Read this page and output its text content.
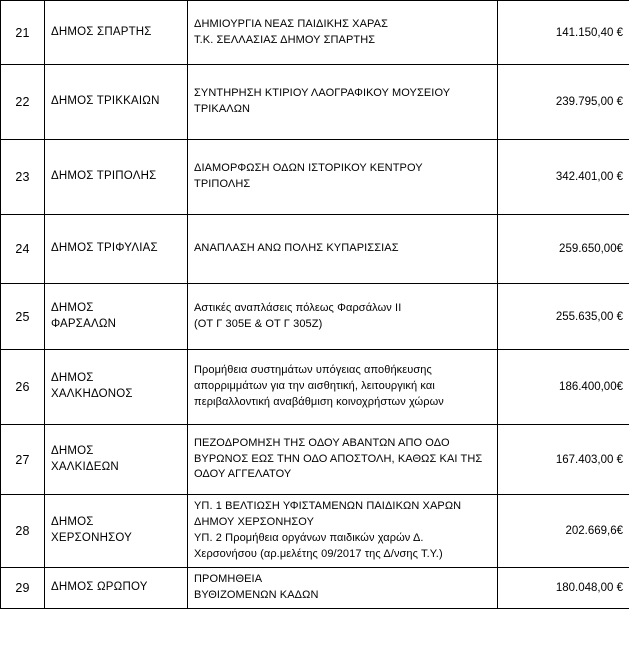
21	ΔΗΜΟΣ ΣΠΑΡΤΗΣ	ΔΗΜΙΟΥΡΓΙΑ ΝΕΑΣ ΠΑΙΔΙΚΗΣ ΧΑΡΑΣ
Τ.Κ. ΣΕΛΛΑΣΙΑΣ ΔΗΜΟΥ ΣΠΑΡΤΗΣ	141.150,40 €
22	ΔΗΜΟΣ ΤΡΙΚΚΑΙΩΝ	ΣΥΝΤΗΡΗΣΗ ΚΤΙΡΙΟΥ ΛΑΟΓΡΑΦΙΚΟΥ ΜΟΥΣΕΙΟΥ
ΤΡΙΚΑΛΩΝ	239.795,00 €
23	ΔΗΜΟΣ ΤΡΙΠΟΛΗΣ	ΔΙΑΜΟΡΦΩΣΗ ΟΔΩΝ ΙΣΤΟΡΙΚΟΥ ΚΕΝΤΡΟΥ
ΤΡΙΠΟΛΗΣ	342.401,00 €
24	ΔΗΜΟΣ ΤΡΙΦΥΛΙΑΣ	ΑΝΑΠΛΑΣΗ ΑΝΩ ΠΟΛΗΣ ΚΥΠΑΡΙΣΣΙΑΣ	259.650,00€
25	ΔΗΜΟΣ
ΦΑΡΣΑΛΩΝ	Αστικές αναπλάσεις πόλεως Φαρσάλων ΙΙ
(ΟΤ Γ 305Ε & ΟΤ Γ 305Ζ)	255.635,00 €
26	ΔΗΜΟΣ
ΧΑΛΚΗΔΟΝΟΣ	Προμήθεια συστημάτων υπόγειας αποθήκευσης
απορριμμάτων για την αισθητική, λειτουργική και
περιβαλλοντική αναβάθμιση κοινοχρήστων χώρων	186.400,00€
27	ΔΗΜΟΣ
ΧΑΛΚΙΔΕΩΝ	ΠΕΖΟΔΡΟΜΗΣΗ ΤΗΣ ΟΔΟΥ ΑΒΑΝΤΩΝ ΑΠΟ ΟΔΟ
ΒΥΡΩΝΟΣ ΕΩΣ ΤΗΝ ΟΔΟ ΑΠΟΣΤΟΛΗ, ΚΑΘΩΣ ΚΑΙ ΤΗΣ
ΟΔΟΥ ΑΓΓΕΛΑΤΟΥ	167.403,00 €
28	ΔΗΜΟΣ
ΧΕΡΣΟΝΗΣΟΥ	ΥΠ. 1 ΒΕΛΤΙΩΣΗ ΥΦΙΣΤΑΜΕΝΩΝ ΠΑΙΔΙΚΩΝ ΧΑΡΩΝ
ΔΗΜΟΥ ΧΕΡΣΟΝΗΣΟΥ
ΥΠ. 2 Προμήθεια οργάνων παιδικών χαρών Δ.
Χερσονήσου (αρ.μελέτης 09/2017 της Δ/νσης Τ.Υ.)	202.669,6€
29	ΔΗΜΟΣ ΩΡΩΠΟΥ	ΠΡΟΜΗΘΕΙΑ
ΒΥΘΙΖΟΜΕΝΩΝ ΚΑΔΩΝ	180.048,00 €
